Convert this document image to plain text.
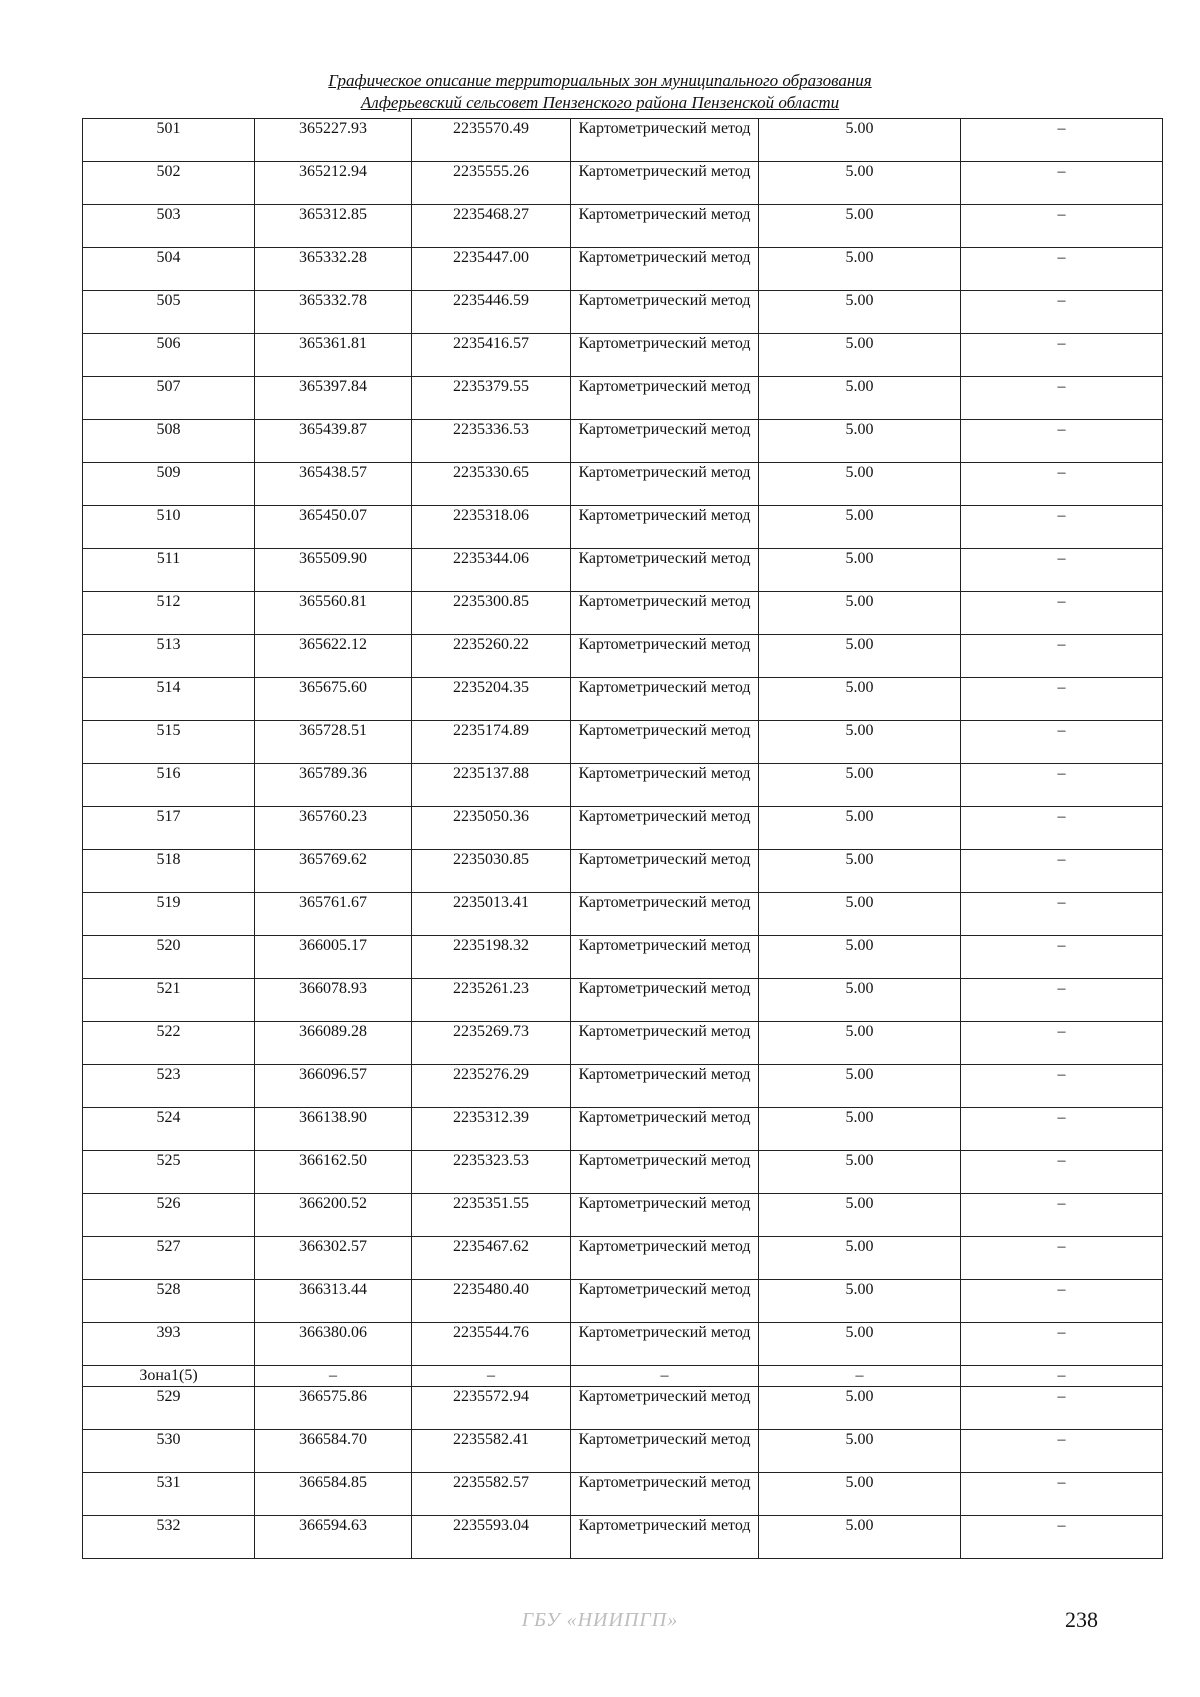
Графическое описание территориальных зон муниципального образования
Алферьевский сельсовет Пензенского района Пензенской области
501	365227.93	2235570.49	Картометрический метод	5.00	–
502	365212.94	2235555.26	Картометрический метод	5.00	–
503	365312.85	2235468.27	Картометрический метод	5.00	–
504	365332.28	2235447.00	Картометрический метод	5.00	–
505	365332.78	2235446.59	Картометрический метод	5.00	–
506	365361.81	2235416.57	Картометрический метод	5.00	–
507	365397.84	2235379.55	Картометрический метод	5.00	–
508	365439.87	2235336.53	Картометрический метод	5.00	–
509	365438.57	2235330.65	Картометрический метод	5.00	–
510	365450.07	2235318.06	Картометрический метод	5.00	–
511	365509.90	2235344.06	Картометрический метод	5.00	–
512	365560.81	2235300.85	Картометрический метод	5.00	–
513	365622.12	2235260.22	Картометрический метод	5.00	–
514	365675.60	2235204.35	Картометрический метод	5.00	–
515	365728.51	2235174.89	Картометрический метод	5.00	–
516	365789.36	2235137.88	Картометрический метод	5.00	–
517	365760.23	2235050.36	Картометрический метод	5.00	–
518	365769.62	2235030.85	Картометрический метод	5.00	–
519	365761.67	2235013.41	Картометрический метод	5.00	–
520	366005.17	2235198.32	Картометрический метод	5.00	–
521	366078.93	2235261.23	Картометрический метод	5.00	–
522	366089.28	2235269.73	Картометрический метод	5.00	–
523	366096.57	2235276.29	Картометрический метод	5.00	–
524	366138.90	2235312.39	Картометрический метод	5.00	–
525	366162.50	2235323.53	Картометрический метод	5.00	–
526	366200.52	2235351.55	Картометрический метод	5.00	–
527	366302.57	2235467.62	Картометрический метод	5.00	–
528	366313.44	2235480.40	Картометрический метод	5.00	–
393	366380.06	2235544.76	Картометрический метод	5.00	–
Зона1(5)	–	–	–	–	–
529	366575.86	2235572.94	Картометрический метод	5.00	–
530	366584.70	2235582.41	Картометрический метод	5.00	–
531	366584.85	2235582.57	Картометрический метод	5.00	–
532	366594.63	2235593.04	Картометрический метод	5.00	–
ГБУ «НИИПГП»	238
